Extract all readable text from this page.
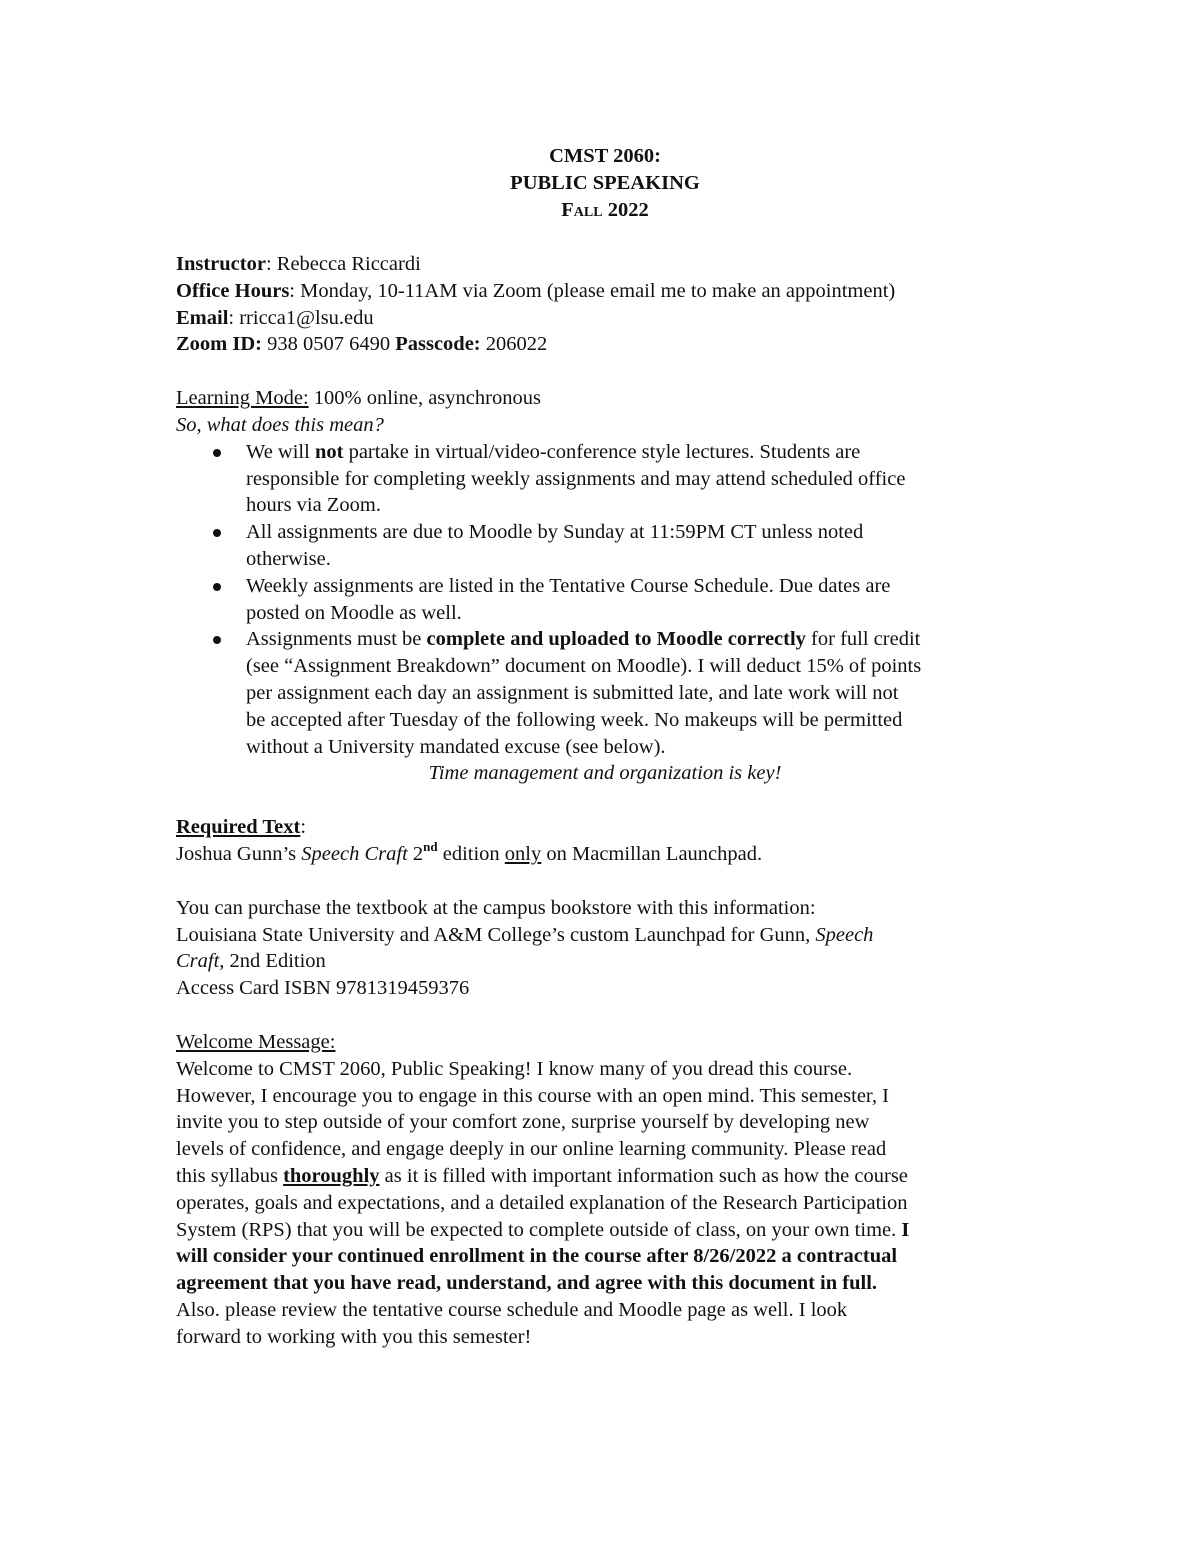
CMST 2060:
PUBLIC SPEAKING
Fall 2022
Instructor: Rebecca Riccardi
Office Hours: Monday, 10-11AM via Zoom (please email me to make an appointment)
Email: rricca1@lsu.edu
Zoom ID: 938 0507 6490 Passcode: 206022
Learning Mode: 100% online, asynchronous
So, what does this mean?
We will not partake in virtual/video-conference style lectures. Students are
responsible for completing weekly assignments and may attend scheduled office
hours via Zoom.
All assignments are due to Moodle by Sunday at 11:59PM CT unless noted
otherwise.
Weekly assignments are listed in the Tentative Course Schedule. Due dates are
posted on Moodle as well.
Assignments must be complete and uploaded to Moodle correctly for full credit
(see “Assignment Breakdown” document on Moodle). I will deduct 15% of points
per assignment each day an assignment is submitted late, and late work will not
be accepted after Tuesday of the following week. No makeups will be permitted
without a University mandated excuse (see below).
Time management and organization is key!
Required Text:
Joshua Gunn’s Speech Craft 2nd edition only on Macmillan Launchpad.
You can purchase the textbook at the campus bookstore with this information:
Louisiana State University and A&M College’s custom Launchpad for Gunn, Speech
Craft, 2nd Edition
Access Card ISBN 9781319459376
Welcome Message:
Welcome to CMST 2060, Public Speaking! I know many of you dread this course.
However, I encourage you to engage in this course with an open mind. This semester, I
invite you to step outside of your comfort zone, surprise yourself by developing new
levels of confidence, and engage deeply in our online learning community. Please read
this syllabus thoroughly as it is filled with important information such as how the course
operates, goals and expectations, and a detailed explanation of the Research Participation
System (RPS) that you will be expected to complete outside of class, on your own time. I
will consider your continued enrollment in the course after 8/26/2022 a contractual
agreement that you have read, understand, and agree with this document in full.
Also. please review the tentative course schedule and Moodle page as well. I look
forward to working with you this semester!
